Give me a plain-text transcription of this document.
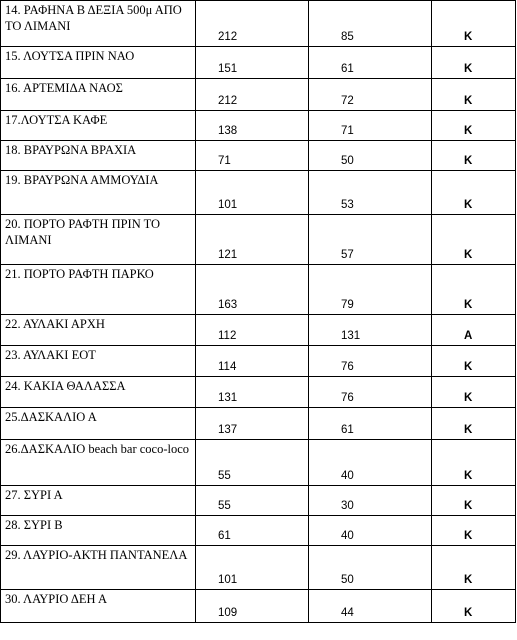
14. ΡΑΦΗΝΑ Β ΔΕΞΙΑ 500μ ΑΠΟ ΤΟ ΛΙΜΑΝΙ	212	85	Κ

15. ΛΟΥΤΣΑ ΠΡΙΝ ΝΑΟ	151	61	Κ

16. ΑΡΤΕΜΙΔΑ ΝΑΟΣ	212	72	Κ

17.ΛΟΥΤΣΑ ΚΑΦΕ	138	71	Κ

18. ΒΡΑΥΡΩΝΑ ΒΡΑΧΙΑ	71	50	Κ

19. ΒΡΑΥΡΩΝΑ ΑΜΜΟΥΔΙΑ	101	53	Κ

20. ΠΟΡΤΟ ΡΑΦΤΗ ΠΡΙΝ ΤΟ ΛΙΜΑΝΙ	121	57	Κ

21. ΠΟΡΤΟ ΡΑΦΤΗ ΠΑΡΚΟ	163	79	Κ

22. ΑΥΛΑΚΙ ΑΡΧΗ	112	131	Α

23. ΑΥΛΑΚΙ ΕΟΤ	114	76	Κ

24. ΚΑΚΙΑ ΘΑΛΑΣΣΑ	131	76	Κ

25.ΔΑΣΚΑΛΙΟ Α	137	61	Κ

26.ΔΑΣΚΑΛΙΟ beach bar coco-loco	55	40	Κ

27. ΣΥΡΙ Α	55	30	Κ

28. ΣΥΡΙ Β	61	40	Κ

29. ΛΑΥΡΙΟ-ΑΚΤΗ ΠΑΝΤΑΝΕΛΑ	101	50	Κ

30. ΛΑΥΡΙΟ ΔΕΗ Α	109	44	Κ
